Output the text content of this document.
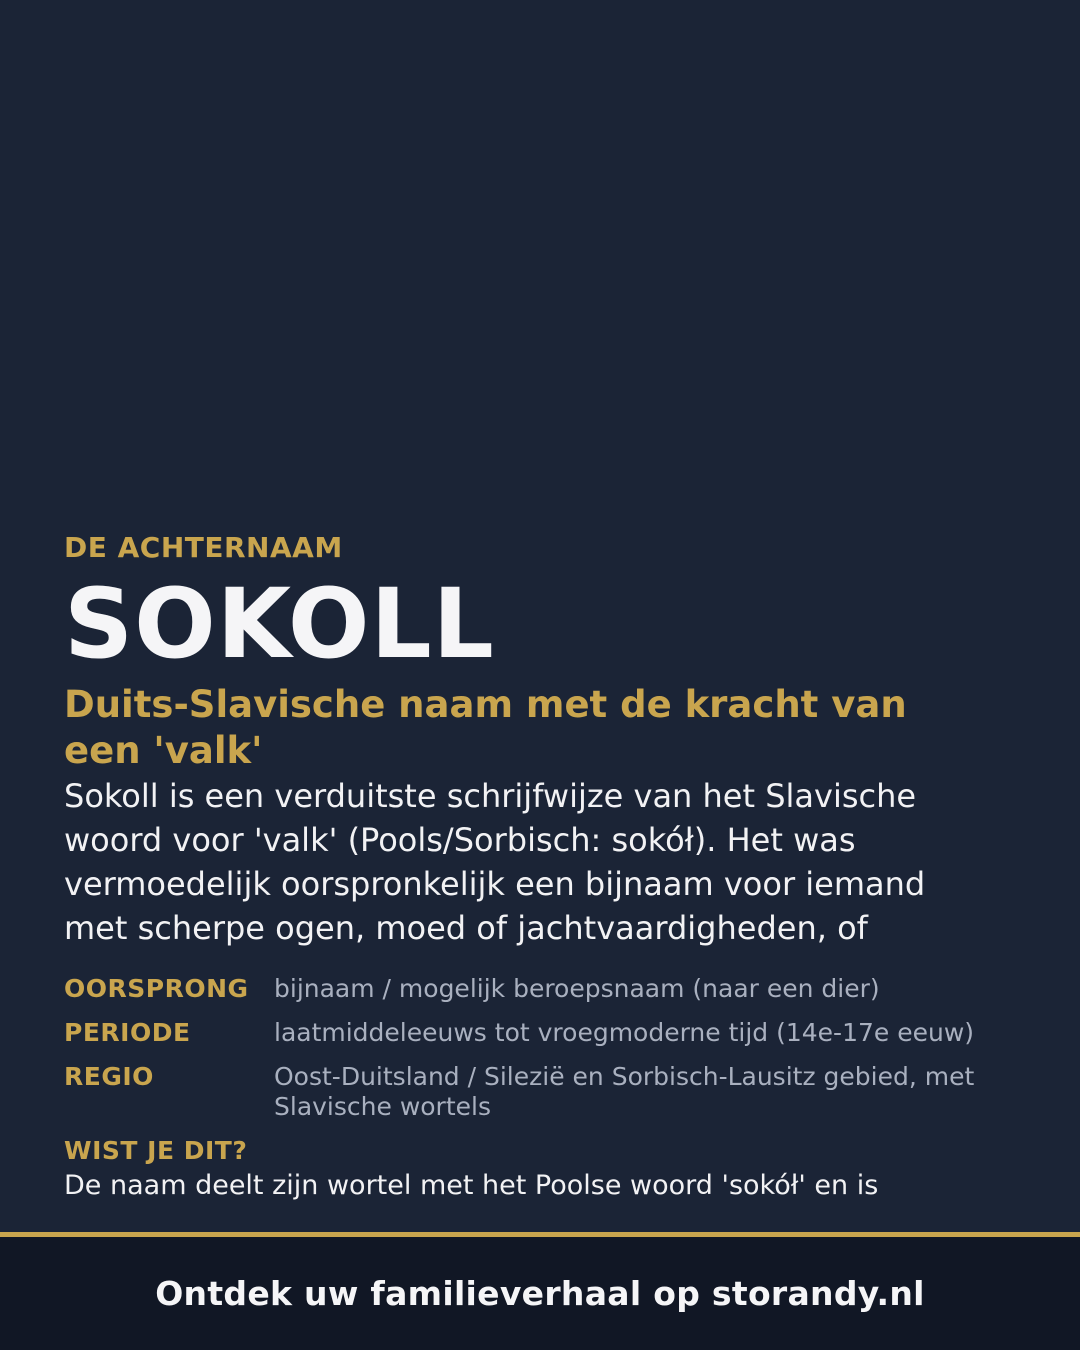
DE ACHTERNAAM
SOKOLL
Duits-Slavische naam met de kracht van een 'valk'

Sokoll is een verduitste schrijfwijze van het Slavische woord voor 'valk' (Pools/Sorbisch: sokół). Het was vermoedelijk oorspronkelijk een bijnaam voor iemand met scherpe ogen, moed of jachtvaardigheden, of

OORSPRONG	bijnaam / mogelijk beroepsnaam (naar een dier)
PERIODE	laatmiddeleeuws tot vroegmoderne tijd (14e-17e eeuw)
REGIO	Oost-Duitsland / Silezië en Sorbisch-Lausitz gebied, met Slavische wortels
WIST JE DIT?
De naam deelt zijn wortel met het Poolse woord 'sokół' en is
Ontdek uw familieverhaal op storandy.nl
